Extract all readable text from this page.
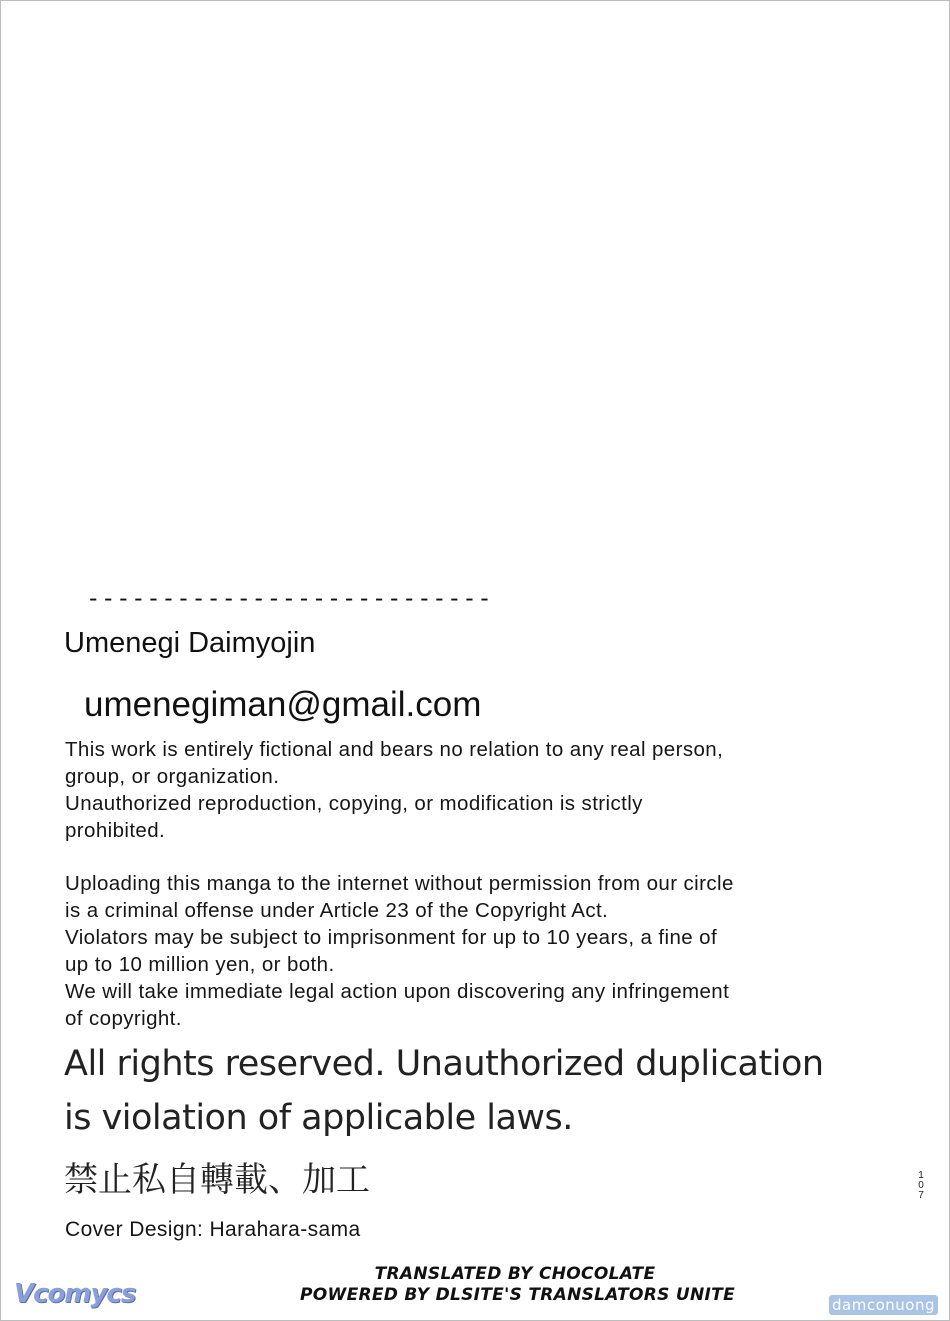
---------------------------
Umenegi Daimyojin
umenegiman@gmail.com

This work is entirely fictional and bears no relation to any real person,

group, or organization.

Unauthorized reproduction, copying, or modification is strictly

prohibited.

Uploading this manga to the internet without permission from our circle

is a criminal offense under Article 23 of the Copyright Act.

Violators may be subject to imprisonment for up to 10 years, a fine of

up to 10 million yen, or both.

We will take immediate legal action upon discovering any infringement

of copyright.

All rights reserved. Unauthorized duplication
is violation of applicable laws.
禁止私自轉載、加工	1
0
7
Cover Design: Harahara-sama
TRANSLATED BY CHOCOLATE
POWERED BY DLSITE'S TRANSLATORS UNITE
Vcomycs	damconuong
